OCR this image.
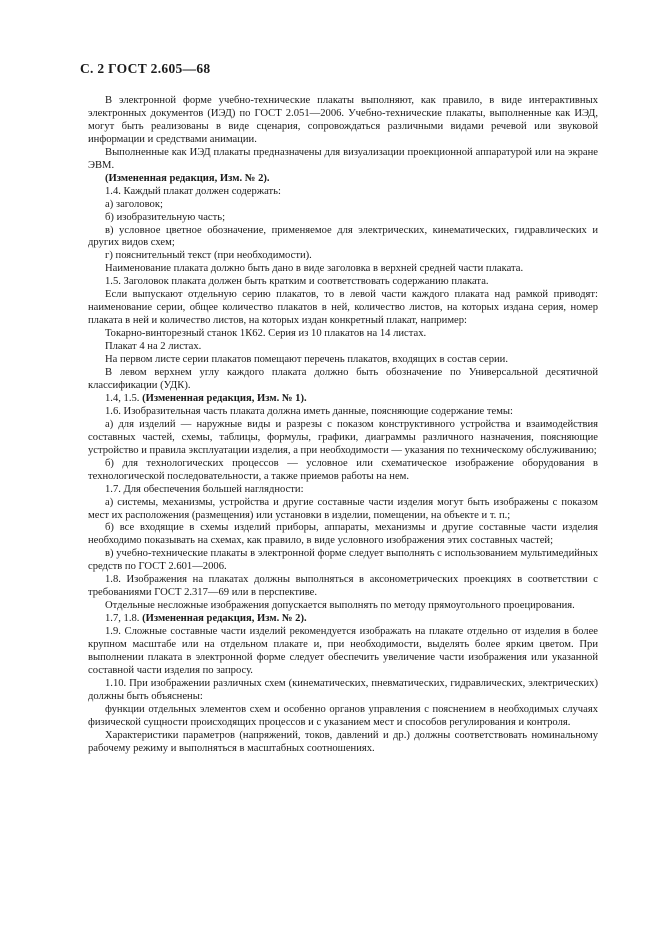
С. 2 ГОСТ 2.605—68

В электронной форме учебно-технические плакаты выполняют, как правило, в виде интерактивных электронных документов (ИЭД) по ГОСТ 2.051—2006. Учебно-технические плакаты, выполненные как ИЭД, могут быть реализованы в виде сценария, сопровождаться различными видами речевой или звуковой информации и средствами анимации.

Выполненные как ИЭД плакаты предназначены для визуализации проекционной аппаратурой или на экране ЭВМ.

(Измененная редакция, Изм. № 2).

1.4. Каждый плакат должен содержать:

а) заголовок;

б) изобразительную часть;

в) условное цветное обозначение, применяемое для электрических, кинематических, гидравлических и других видов схем;

г) пояснительный текст (при необходимости).

Наименование плаката должно быть дано в виде заголовка в верхней средней части плаката.

1.5. Заголовок плаката должен быть кратким и соответствовать содержанию плаката.

Если выпускают отдельную серию плакатов, то в левой части каждого плаката над рамкой приводят: наименование серии, общее количество плакатов в ней, количество листов, на которых издана серия, номер плаката в ней и количество листов, на которых издан конкретный плакат, например:

Токарно-винторезный станок 1К62. Серия из 10 плакатов на 14 листах.

Плакат 4 на 2 листах.

На первом листе серии плакатов помещают перечень плакатов, входящих в состав серии.

В левом верхнем углу каждого плаката должно быть обозначение по Универсальной десятичной классификации (УДК).

1.4, 1.5. (Измененная редакция, Изм. № 1).

1.6. Изобразительная часть плаката должна иметь данные, поясняющие содержание темы:

а) для изделий — наружные виды и разрезы с показом конструктивного устройства и взаимодействия составных частей, схемы, таблицы, формулы, графики, диаграммы различного назначения, поясняющие устройство и правила эксплуатации изделия, а при необходимости — указания по техническому обслуживанию;

б) для технологических процессов — условное или схематическое изображение оборудования в технологической последовательности, а также приемов работы на нем.

1.7. Для обеспечения большей наглядности:

а) системы, механизмы, устройства и другие составные части изделия могут быть изображены с показом мест их расположения (размещения) или установки в изделии, помещении, на объекте и т. п.;

б) все входящие в схемы изделий приборы, аппараты, механизмы и другие составные части изделия необходимо показывать на схемах, как правило, в виде условного изображения этих составных частей;

в) учебно-технические плакаты в электронной форме следует выполнять с использованием мультимедийных средств по ГОСТ 2.601—2006.

1.8. Изображения на плакатах должны выполняться в аксонометрических проекциях в соответствии с требованиями ГОСТ 2.317—69 или в перспективе.

Отдельные несложные изображения допускается выполнять по методу прямоугольного проецирования.

1.7, 1.8. (Измененная редакция, Изм. № 2).

1.9. Сложные составные части изделий рекомендуется изображать на плакате отдельно от изделия в более крупном масштабе или на отдельном плакате и, при необходимости, выделять более ярким цветом. При выполнении плаката в электронной форме следует обеспечить увеличение части изображения или указанной составной части изделия по запросу.

1.10. При изображении различных схем (кинематических, пневматических, гидравлических, электрических) должны быть объяснены:

функции отдельных элементов схем и особенно органов управления с пояснением в необходимых случаях физической сущности происходящих процессов и с указанием мест и способов регулирования и контроля.

Характеристики параметров (напряжений, токов, давлений и др.) должны соответствовать номинальному рабочему режиму и выполняться в масштабных соотношениях.
